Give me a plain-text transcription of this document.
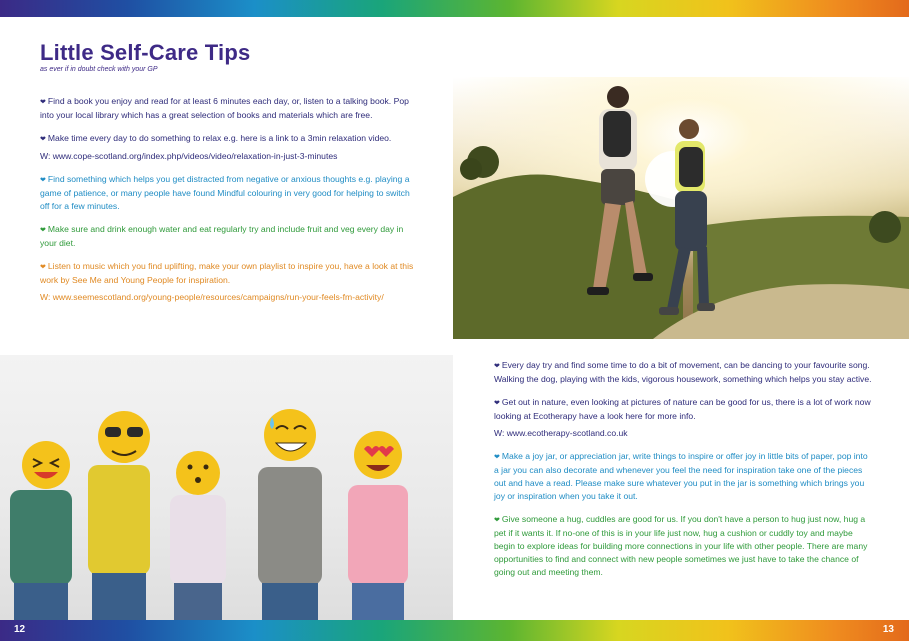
Little Self-Care Tips
as ever if in doubt check with your GP

❤ Find a book you enjoy and read for at least 6 minutes each day, or, listen to a talking book. Pop into your local library which has a great selection of books and materials which are free.

❤ Make time every day to do something to relax e.g. here is a link to a 3min relaxation video.

W: www.cope-scotland.org/index.php/videos/video/relaxation-in-just-3-minutes

❤ Find something which helps you get distracted from negative or anxious thoughts e.g. playing a game of patience, or many people have found Mindful colouring in very good for helping to switch off for a few minutes.

❤ Make sure and drink enough water and eat regularly try and include fruit and veg every day in your diet.

❤ Listen to music which you find uplifting, make your own playlist to inspire you, have a look at this work by See Me and Young People for inspiration.

W: www.seemescotland.org/young-people/resources/campaigns/run-your-feels-fm-activity/

❤ Every day try and find some time to do a bit of movement, can be dancing to your favourite song. Walking the dog, playing with the kids, vigorous housework, something which helps you stay active.

❤ Get out in nature, even looking at pictures of nature can be good for us, there is a lot of work now looking at Ecotherapy have a look here for more info.

W: www.ecotherapy-scotland.co.uk

❤ Make a joy jar, or appreciation jar, write things to inspire or offer joy in little bits of paper, pop into a jar you can also decorate and whenever you feel the need for inspiration take one of the pieces out and have a read. Please make sure whatever you put in the jar is something which brings you joy or inspiration when you take it out.

❤ Give someone a hug, cuddles are good for us. If you don't have a person to hug just now, hug a pet if it wants it. If no-one of this is in your life just now, hug a cushion or cuddly toy and maybe begin to explore ideas for building more connections in your life with other people. There are many opportunities to find and connect with new people sometimes we just have to take the chance of going out and meeting them.

12	13
